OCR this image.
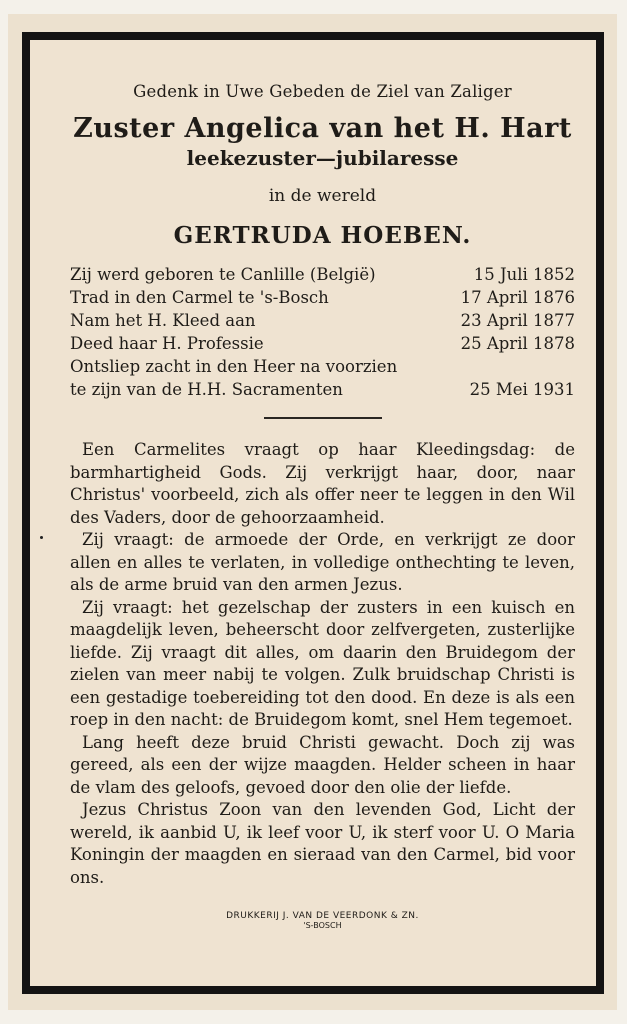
Gedenk in Uwe Gebeden de Ziel van Zaliger
Zuster Angelica van het H. Hart
leekezuster—jubilaresse
in de wereld
GERTRUDA HOEBEN.
Zij werd geboren te Canlille (België)	15 Juli 1852
Trad in den Carmel te 's-Bosch	17 April 1876
Nam het H. Kleed aan	23 April 1877
Deed haar H. Professie	25 April 1878
Ontsliep zacht in den Heer na voorzien
te zijn van de H.H. Sacramenten	25 Mei 1931

Een Carmelites vraagt op haar Kleedingsdag: de barmhartigheid Gods. Zij verkrijgt haar, door, naar Christus' voorbeeld, zich als offer neer te leggen in den Wil des Vaders, door de gehoorzaamheid.

Zij vraagt: de armoede der Orde, en verkrijgt ze door allen en alles te verlaten, in volledige onthechting te leven, als de arme bruid van den armen Jezus.

Zij vraagt: het gezelschap der zusters in een kuisch en maagdelijk leven, beheerscht door zelfvergeten, zusterlijke liefde. Zij vraagt dit alles, om daarin den Bruidegom der zielen van meer nabij te volgen. Zulk bruidschap Christi is een gestadige toebereiding tot den dood. En deze is als een roep in den nacht: de Bruidegom komt, snel Hem tegemoet.

Lang heeft deze bruid Christi gewacht. Doch zij was gereed, als een der wijze maagden. Helder scheen in haar de vlam des geloofs, gevoed door den olie der liefde.

Jezus Christus Zoon van den levenden God, Licht der wereld, ik aanbid U, ik leef voor U, ik sterf voor U. O Maria Koningin der maagden en sieraad van den Carmel, bid voor ons.

DRUKKERIJ J. VAN DE VEERDONK & ZN.
'S-BOSCH
